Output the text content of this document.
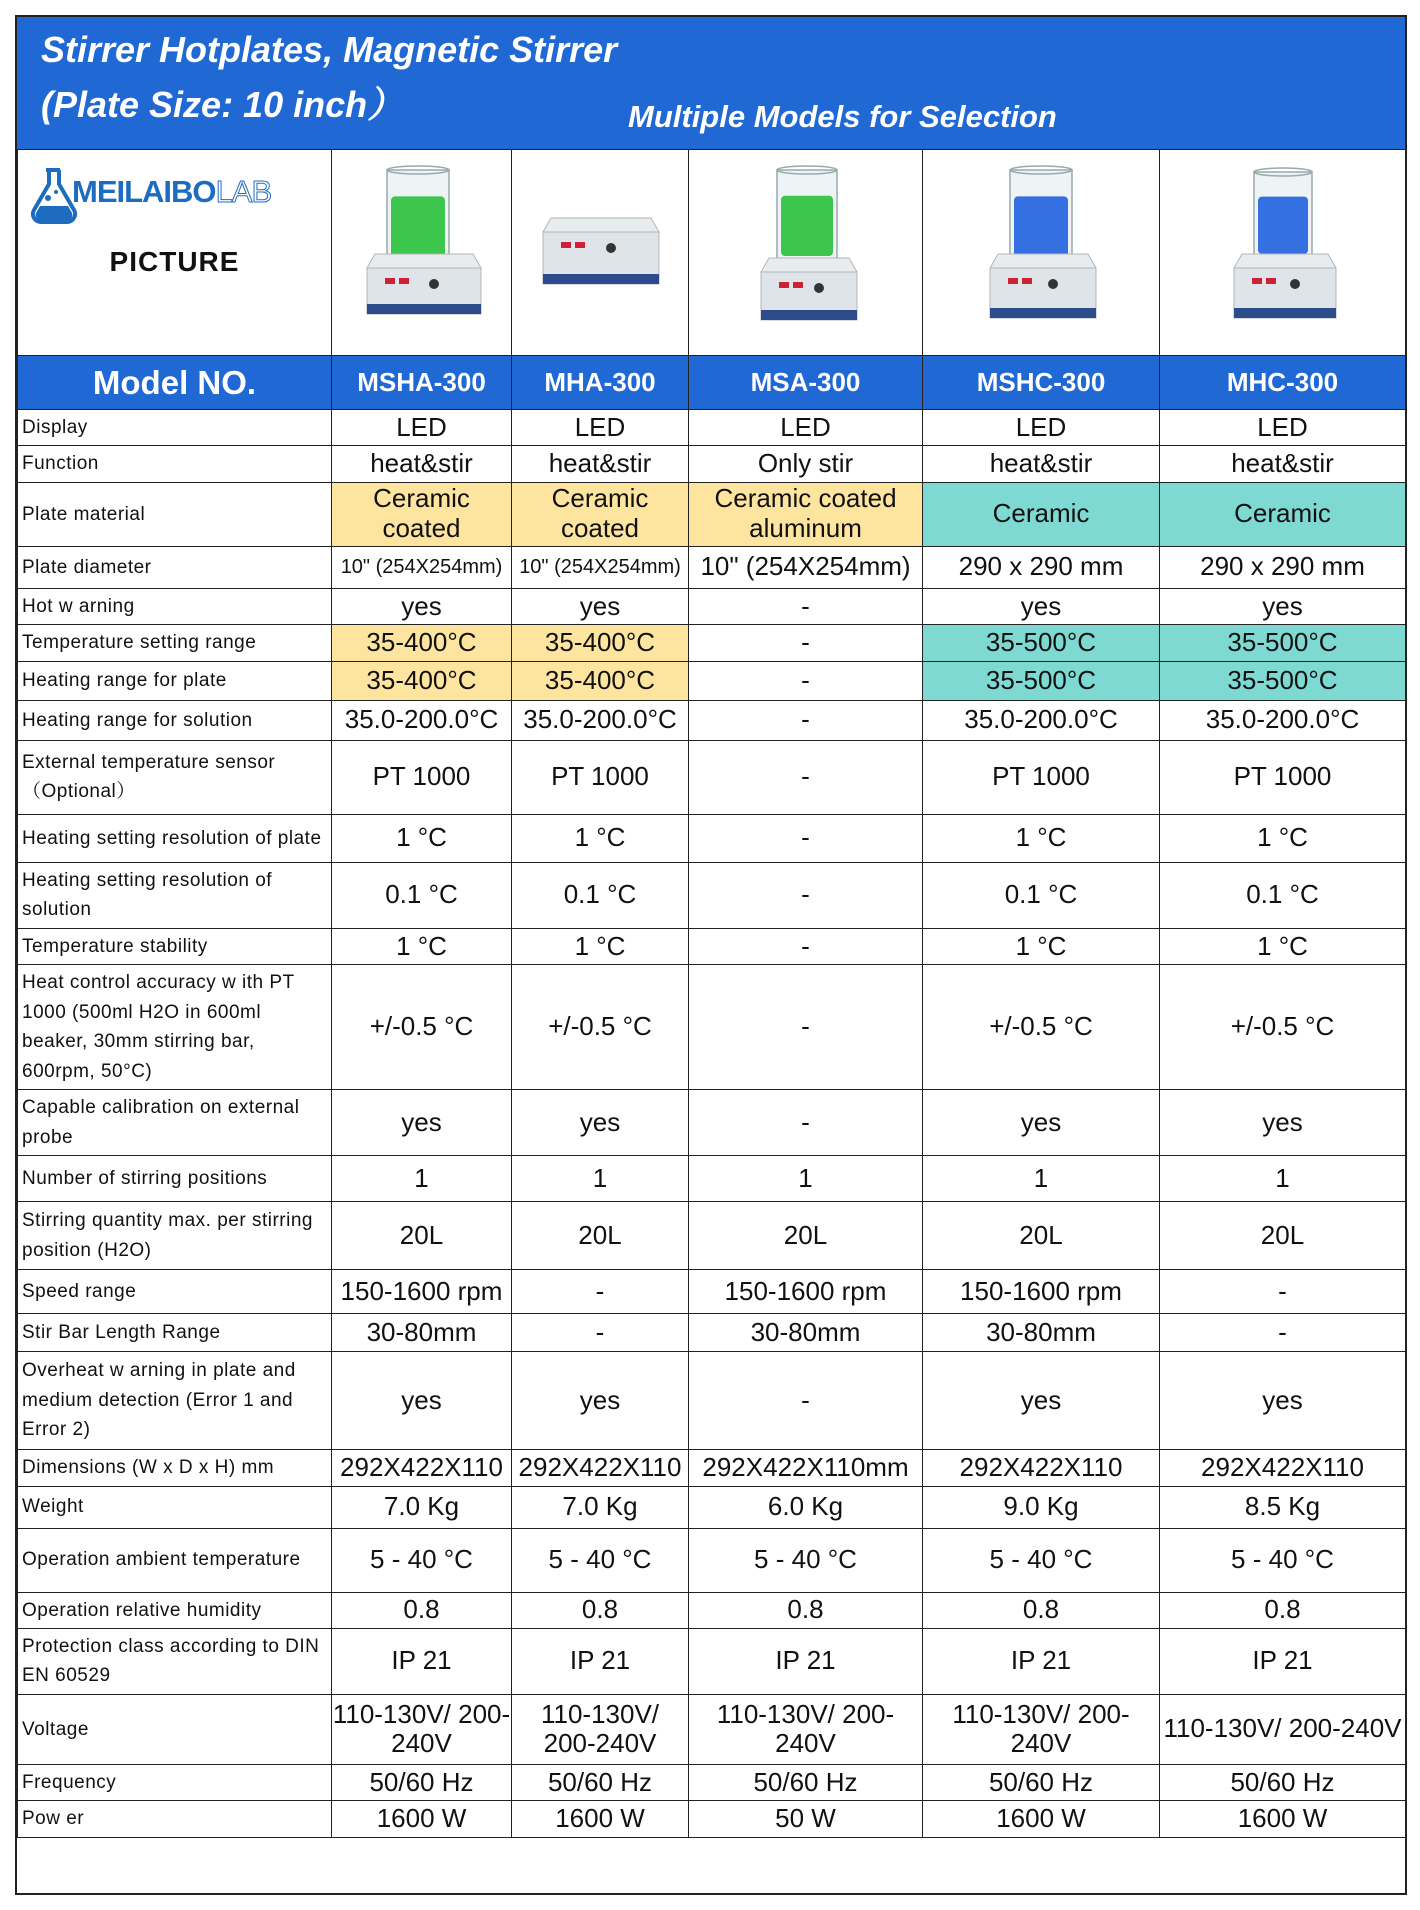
Stirrer Hotplates, Magnetic Stirrer
(Plate Size: 10 inch）	Multiple Models for Selection
MEILAIBOLAB
PICTURE

Model NO.	MSHA-300	MHA-300	MSA-300	MSHC-300	MHC-300
Display	LED	LED	LED	LED	LED
Function	heat&stir	heat&stir	Only stir	heat&stir	heat&stir
Plate material	Ceramic coated	Ceramic coated	Ceramic coated aluminum	Ceramic	Ceramic
Plate diameter	10" (254X254mm)	10" (254X254mm)	10" (254X254mm)	290 x 290 mm	290 x 290 mm
Hot w arning	yes	yes	-	yes	yes
Temperature setting range	35-400°C	35-400°C	-	35-500°C	35-500°C
Heating range for plate	35-400°C	35-400°C	-	35-500°C	35-500°C
Heating range for solution	35.0-200.0°C	35.0-200.0°C	-	35.0-200.0°C	35.0-200.0°C
External temperature sensor （Optional）	PT 1000	PT 1000	-	PT 1000	PT 1000
Heating setting resolution of plate	1 °C	1 °C	-	1 °C	1 °C
Heating setting resolution of solution	0.1 °C	0.1 °C	-	0.1 °C	0.1 °C
Temperature stability	1 °C	1 °C	-	1 °C	1 °C
Heat control accuracy w ith PT 1000 (500ml H2O in 600ml beaker, 30mm stirring bar, 600rpm, 50°C)	+/-0.5 °C	+/-0.5 °C	-	+/-0.5 °C	+/-0.5 °C
Capable calibration on external probe	yes	yes	-	yes	yes
Number of stirring positions	1	1	1	1	1
Stirring quantity max. per stirring position (H2O)	20L	20L	20L	20L	20L
Speed range	150-1600 rpm	-	150-1600 rpm	150-1600 rpm	-
Stir Bar Length Range	30-80mm	-	30-80mm	30-80mm	-
Overheat w arning in plate and medium detection (Error 1 and Error 2)	yes	yes	-	yes	yes
Dimensions (W x D x H) mm	292X422X110	292X422X110	292X422X110mm	292X422X110	292X422X110
Weight	7.0 Kg	7.0 Kg	6.0 Kg	9.0 Kg	8.5 Kg
Operation ambient temperature	5 - 40 °C	5 - 40 °C	5 - 40 °C	5 - 40 °C	5 - 40 °C
Operation relative humidity	0.8	0.8	0.8	0.8	0.8
Protection class according to DIN EN 60529	IP 21	IP 21	IP 21	IP 21	IP 21
Voltage	110-130V/ 200-240V	110-130V/ 200-240V	110-130V/ 200-240V	110-130V/ 200-240V	110-130V/ 200-240V
Frequency	50/60 Hz	50/60 Hz	50/60 Hz	50/60 Hz	50/60 Hz
Pow er	1600 W	1600 W	50 W	1600 W	1600 W
